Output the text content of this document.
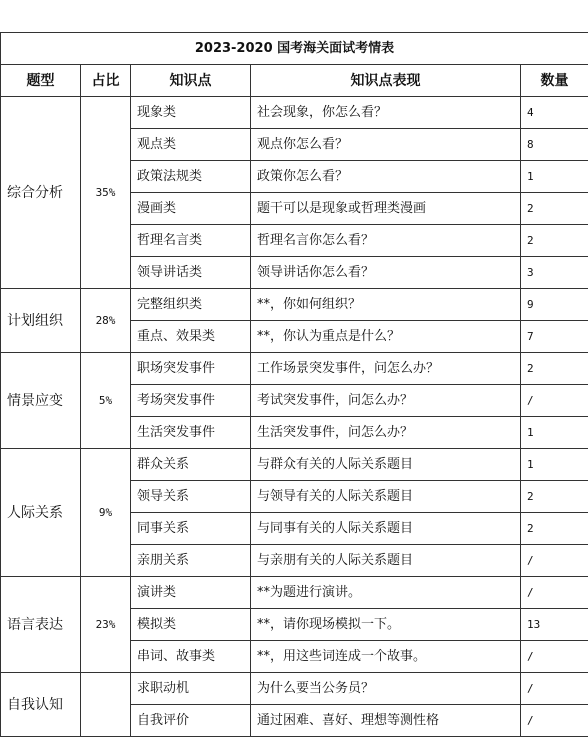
2023-2020 国考海关面试考情表				
题型	占比	知识点	知识点表现	数量
综合分析	35%	现象类	社会现象，你怎么看？	4
		观点类	观点你怎么看？	8
		政策法规类	政策你怎么看？	1
		漫画类	题干可以是现象或哲理类漫画	2
		哲理名言类	哲理名言你怎么看？	2
		领导讲话类	领导讲话你怎么看？	3
计划组织	28%	完整组织类	**，你如何组织？	9
		重点、效果类	**，你认为重点是什么？	7
情景应变	5%	职场突发事件	工作场景突发事件，问怎么办？	2
		考场突发事件	考试突发事件，问怎么办？	/
		生活突发事件	生活突发事件，问怎么办？	1
人际关系	9%	群众关系	与群众有关的人际关系题目	1
		领导关系	与领导有关的人际关系题目	2
		同事关系	与同事有关的人际关系题目	2
		亲朋关系	与亲朋有关的人际关系题目	/
语言表达	23%	演讲类	**为题进行演讲。	/
		模拟类	**，请你现场模拟一下。	13
		串词、故事类	**，用这些词连成一个故事。	/
自我认知		求职动机	为什么要当公务员？	/
		自我评价	通过困难、喜好、理想等测性格	/
